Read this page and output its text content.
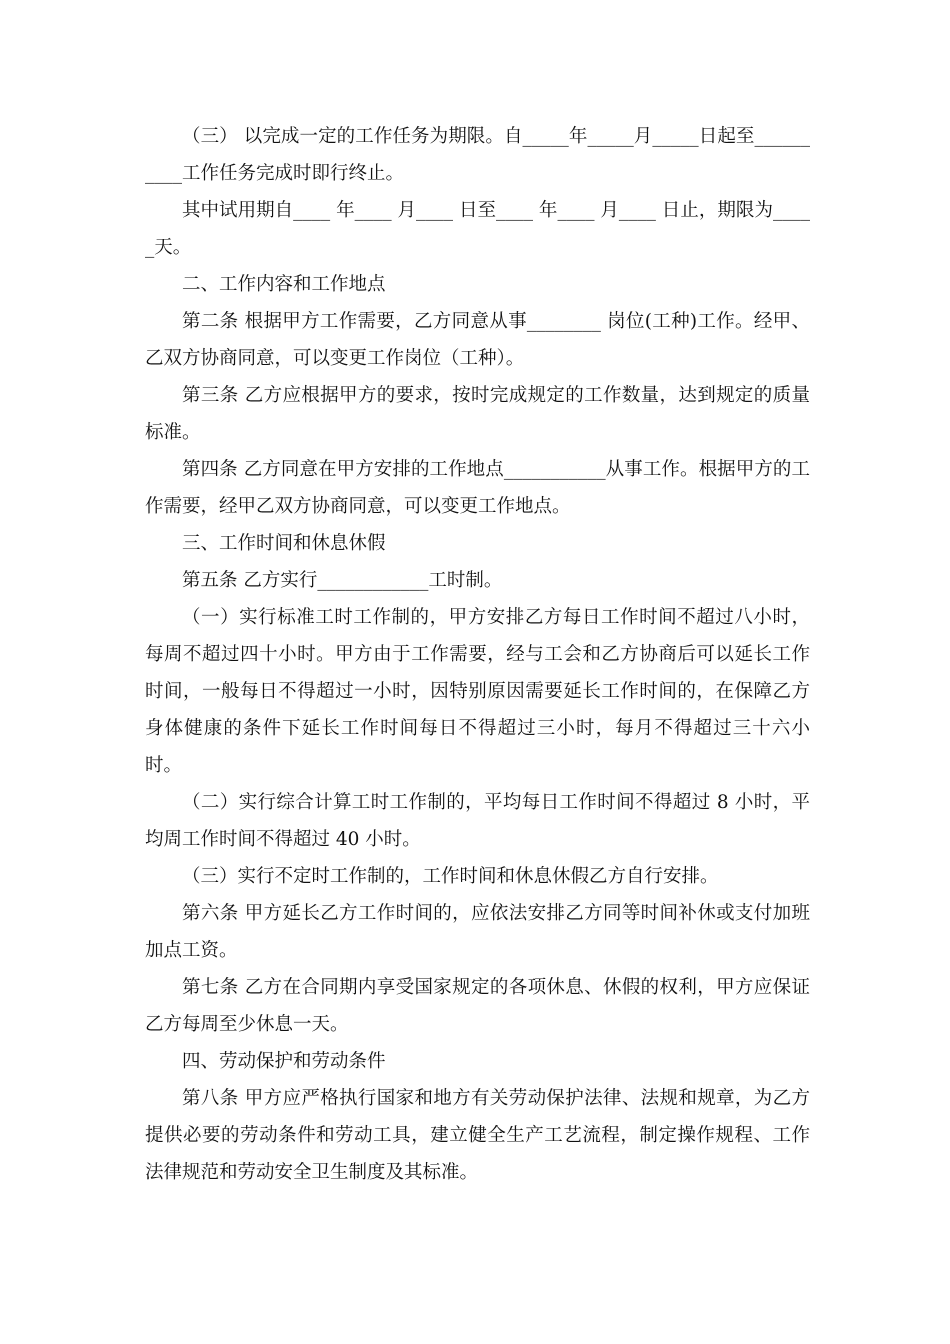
（三） 以完成一定的工作任务为期限。自_____年_____月_____日起至__________工作任务完成时即行终止。

其中试用期自____ 年____ 月____ 日至____ 年____ 月____ 日止，期限为_____天。

二、工作内容和工作地点

第二条 根据甲方工作需要，乙方同意从事________ 岗位(工种)工作。经甲、乙双方协商同意，可以变更工作岗位（工种）。

第三条 乙方应根据甲方的要求，按时完成规定的工作数量，达到规定的质量标准。

第四条 乙方同意在甲方安排的工作地点___________从事工作。根据甲方的工作需要，经甲乙双方协商同意，可以变更工作地点。

三、工作时间和休息休假

第五条 乙方实行____________工时制。

（一）实行标准工时工作制的，甲方安排乙方每日工作时间不超过八小时，每周不超过四十小时。甲方由于工作需要，经与工会和乙方协商后可以延长工作时间，一般每日不得超过一小时，因特别原因需要延长工作时间的，在保障乙方身体健康的条件下延长工作时间每日不得超过三小时，每月不得超过三十六小时。

（二）实行综合计算工时工作制的，平均每日工作时间不得超过 8 小时，平均周工作时间不得超过 40 小时。

（三）实行不定时工作制的，工作时间和休息休假乙方自行安排。

第六条 甲方延长乙方工作时间的，应依法安排乙方同等时间补休或支付加班加点工资。

第七条 乙方在合同期内享受国家规定的各项休息、休假的权利，甲方应保证乙方每周至少休息一天。

四、劳动保护和劳动条件

第八条 甲方应严格执行国家和地方有关劳动保护法律、法规和规章，为乙方提供必要的劳动条件和劳动工具，建立健全生产工艺流程，制定操作规程、工作法律规范和劳动安全卫生制度及其标准。
